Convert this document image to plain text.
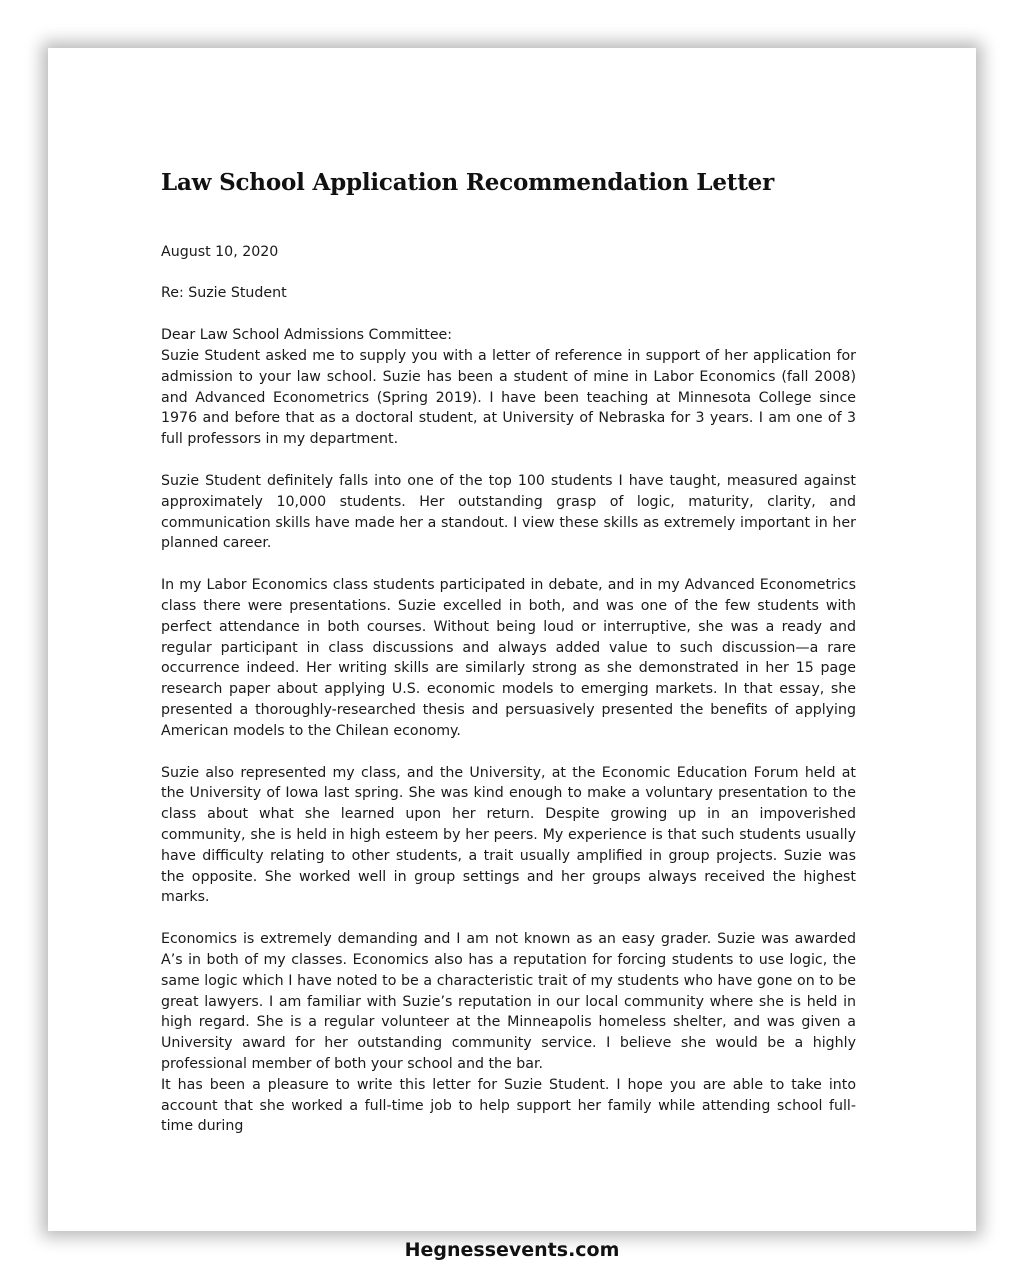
Law School Application Recommendation Letter

August 10, 2020

Re: Suzie Student

Dear Law School Admissions Committee:

Suzie Student asked me to supply you with a letter of reference in support of her application for admission to your law school. Suzie has been a student of mine in Labor Economics (fall 2008) and Advanced Econometrics (Spring 2019). I have been teaching at Minnesota College since 1976 and before that as a doctoral student, at University of Nebraska for 3 years. I am one of 3 full professors in my department.

Suzie Student definitely falls into one of the top 100 students I have taught, measured against approximately 10,000 students. Her outstanding grasp of logic, maturity, clarity, and communication skills have made her a standout. I view these skills as extremely important in her planned career.

In my Labor Economics class students participated in debate, and in my Advanced Econometrics class there were presentations. Suzie excelled in both, and was one of the few students with perfect attendance in both courses. Without being loud or interruptive, she was a ready and regular participant in class discussions and always added value to such discussion—a rare occurrence indeed. Her writing skills are similarly strong as she demonstrated in her 15 page research paper about applying U.S. economic models to emerging markets. In that essay, she presented a thoroughly-researched thesis and persuasively presented the benefits of applying American models to the Chilean economy.

Suzie also represented my class, and the University, at the Economic Education Forum held at the University of Iowa last spring. She was kind enough to make a voluntary presentation to the class about what she learned upon her return. Despite growing up in an impoverished community, she is held in high esteem by her peers. My experience is that such students usually have difficulty relating to other students, a trait usually amplified in group projects. Suzie was the opposite. She worked well in group settings and her groups always received the highest marks.

Economics is extremely demanding and I am not known as an easy grader. Suzie was awarded A’s in both of my classes. Economics also has a reputation for forcing students to use logic, the same logic which I have noted to be a characteristic trait of my students who have gone on to be great lawyers. I am familiar with Suzie’s reputation in our local community where she is held in high regard. She is a regular volunteer at the Minneapolis homeless shelter, and was given a University award for her outstanding community service. I believe she would be a highly professional member of both your school and the bar.

It has been a pleasure to write this letter for Suzie Student. I hope you are able to take into account that she worked a full-time job to help support her family while attending school full-time during

Hegnessevents.com
